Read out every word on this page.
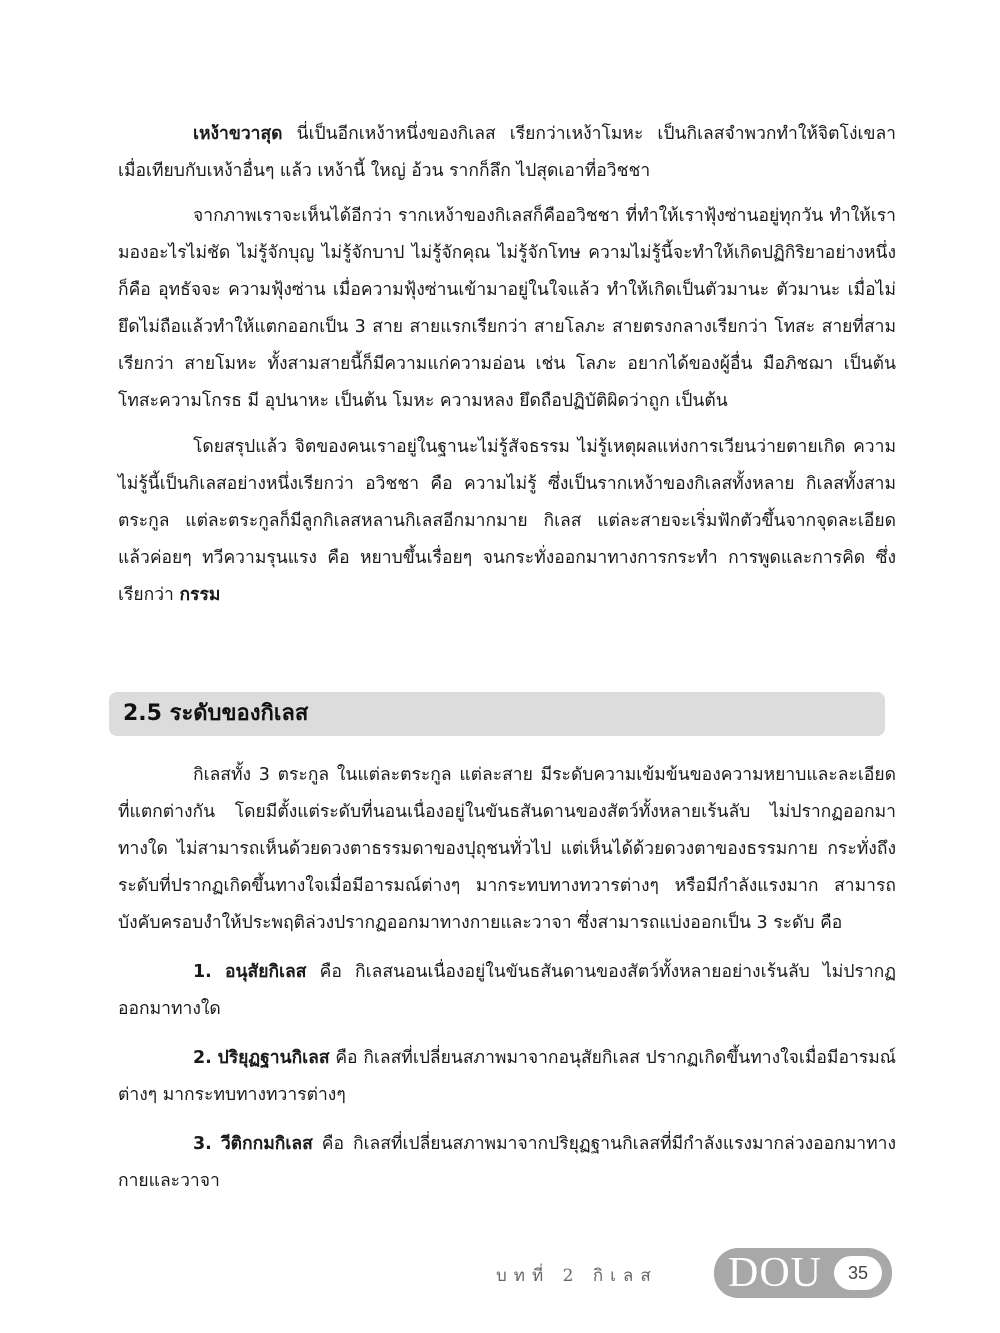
เหง้าขวาสุด นี่เป็นอีกเหง้าหนึ่งของกิเลส เรียกว่าเหง้าโมหะ เป็นกิเลสจำพวกทำให้จิตโง่เขลา เมื่อเทียบกับเหง้าอื่นๆ แล้ว เหง้านี้ ใหญ่ อ้วน รากก็ลึก ไปสุดเอาที่อวิชชา

จากภาพเราจะเห็นได้อีกว่า รากเหง้าของกิเลสก็คืออวิชชา ที่ทำให้เราฟุ้งซ่านอยู่ทุกวัน ทำให้เรามองอะไรไม่ชัด ไม่รู้จักบุญ ไม่รู้จักบาป ไม่รู้จักคุณ ไม่รู้จักโทษ ความไม่รู้นี้จะทำให้เกิดปฏิกิริยาอย่างหนึ่ง ก็คือ อุทธัจจะ ความฟุ้งซ่าน เมื่อความฟุ้งซ่านเข้ามาอยู่ในใจแล้ว ทำให้เกิดเป็นตัวมานะ ตัวมานะ เมื่อไม่ยึดไม่ถือแล้วทำให้แตกออกเป็น 3 สาย สายแรกเรียกว่า สายโลภะ สายตรงกลางเรียกว่า โทสะ สายที่สามเรียกว่า สายโมหะ ทั้งสามสายนี้ก็มีความแก่ความอ่อน เช่น โลภะ อยากได้ของผู้อื่น มือภิชฌา เป็นต้น โทสะความโกรธ มี อุปนาหะ เป็นต้น โมหะ ความหลง ยึดถือปฏิบัติผิดว่าถูก เป็นต้น

โดยสรุปแล้ว จิตของคนเราอยู่ในฐานะไม่รู้สัจธรรม ไม่รู้เหตุผลแห่งการเวียนว่ายตายเกิด ความไม่รู้นี้เป็นกิเลสอย่างหนึ่งเรียกว่า อวิชชา คือ ความไม่รู้ ซึ่งเป็นรากเหง้าของกิเลสทั้งหลาย กิเลสทั้งสามตระกูล แต่ละตระกูลก็มีลูกกิเลสหลานกิเลสอีกมากมาย กิเลส แต่ละสายจะเริ่มฟักตัวขึ้นจากจุดละเอียด แล้วค่อยๆ ทวีความรุนแรง คือ หยาบขึ้นเรื่อยๆ จนกระทั่งออกมาทางการกระทำ การพูดและการคิด ซึ่งเรียกว่า กรรม

2.5 ระดับของกิเลส

กิเลสทั้ง 3 ตระกูล ในแต่ละตระกูล แต่ละสาย มีระดับความเข้มข้นของความหยาบและละเอียดที่แตกต่างกัน โดยมีตั้งแต่ระดับที่นอนเนื่องอยู่ในขันธสันดานของสัตว์ทั้งหลายเร้นลับ ไม่ปรากฏออกมาทางใด ไม่สามารถเห็นด้วยดวงตาธรรมดาของปุถุชนทั่วไป แต่เห็นได้ด้วยดวงตาของธรรมกาย กระทั่งถึงระดับที่ปรากฏเกิดขึ้นทางใจเมื่อมีอารมณ์ต่างๆ มากระทบทางทวารต่างๆ หรือมีกำลังแรงมาก สามารถบังคับครอบงำให้ประพฤติล่วงปรากฏออกมาทางกายและวาจา ซึ่งสามารถแบ่งออกเป็น 3 ระดับ คือ

1. อนุสัยกิเลส คือ กิเลสนอนเนื่องอยู่ในขันธสันดานของสัตว์ทั้งหลายอย่างเร้นลับ ไม่ปรากฏออกมาทางใด

2. ปริยุฏฐานกิเลส คือ กิเลสที่เปลี่ยนสภาพมาจากอนุสัยกิเลส ปรากฏเกิดขึ้นทางใจเมื่อมีอารมณ์ต่างๆ มากระทบทางทวารต่างๆ

3. วีติกกมกิเลส คือ กิเลสที่เปลี่ยนสภาพมาจากปริยุฏฐานกิเลสที่มีกำลังแรงมากล่วงออกมาทางกายและวาจา

บทที่ 2 กิเลส DOU	35
